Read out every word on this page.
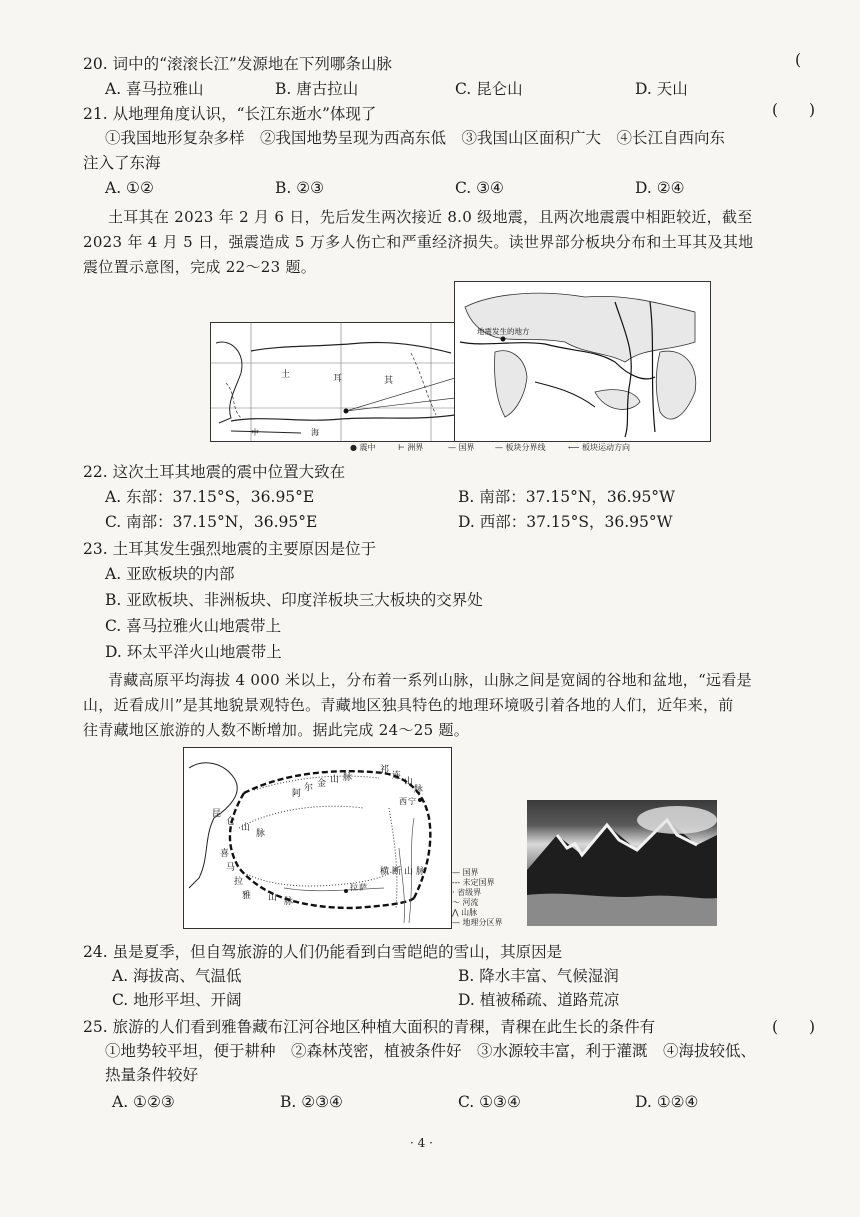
20. 词中的“滚滚长江”发源地在下列哪条山脉	(
A. 喜马拉雅山	B. 唐古拉山	C. 昆仑山	D. 天山
21. 从地理角度认识，“长江东逝水”体现了	(　　)
①我国地形复杂多样　②我国地势呈现为西高东低　③我国山区面积广大　④长江自西向东
注入了东海
A. ①②	B. ②③	C. ③④	D. ②④
土耳其在 2023 年 2 月 6 日，先后发生两次接近 8.0 级地震，且两次地震震中相距较近，截至
2023 年 4 月 5 日，强震造成 5 万多人伤亡和严重经济损失。读世界部分板块分布和土耳其及其地
震位置示意图，完成 22～23 题。
土	耳	其
中	海
地震发生的地方
● 震中	⊢ 洲界	— 国界	— 板块分界线	⟵ 板块运动方向
22. 这次土耳其地震的震中位置大致在
A. 东部：37.15°S，36.95°E	B. 南部：37.15°N，36.95°W
C. 南部：37.15°N，36.95°E	D. 西部：37.15°S，36.95°W
23. 土耳其发生强烈地震的主要原因是位于
A. 亚欧板块的内部
B. 亚欧板块、非洲板块、印度洋板块三大板块的交界处
C. 喜马拉雅火山地震带上
D. 环太平洋火山地震带上
青藏高原平均海拔 4 000 米以上，分布着一系列山脉，山脉之间是宽阔的谷地和盆地，“远看是
山，近看成川”是其地貌景观特色。青藏地区独具特色的地理环境吸引着各地的人们，近年来，前
往青藏地区旅游的人数不断增加。据此完成 24～25 题。
阿
尔 金 山 脉
祁
连
山
脉
昆
仑
山
脉
喜
马
拉
雅 山 脉
西 宁
拉 萨
横 断 山 脉	— 国界
--- 未定国界
· 省级界
～ 河流
⋀ 山脉
— 地理分区界
24. 虽是夏季，但自驾旅游的人们仍能看到白雪皑皑的雪山，其原因是
A. 海拔高、气温低	B. 降水丰富、气候湿润
C. 地形平坦、开阔	D. 植被稀疏、道路荒凉
25. 旅游的人们看到雅鲁藏布江河谷地区种植大面积的青稞，青稞在此生长的条件有	(　　)
①地势较平坦，便于耕种　②森林茂密，植被条件好　③水源较丰富，利于灌溉　④海拔较低、
热量条件较好
A. ①②③	B. ②③④	C. ①③④	D. ①②④
· 4 ·
